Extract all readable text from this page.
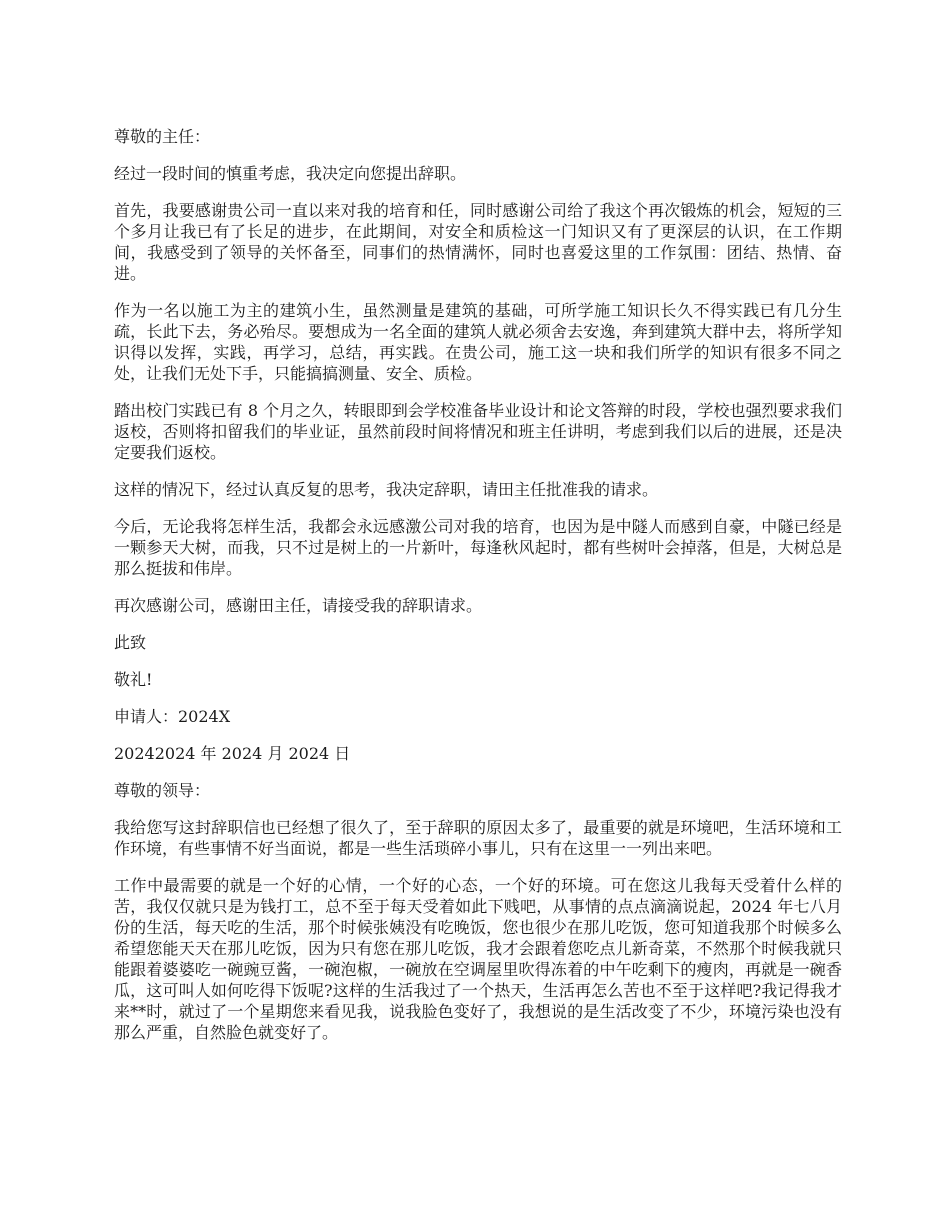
尊敬的主任：

经过一段时间的慎重考虑，我决定向您提出辞职。

首先，我要感谢贵公司一直以来对我的培育和任，同时感谢公司给了我这个再次锻炼的机会，短短的三个多月让我已有了长足的进步，在此期间，对安全和质检这一门知识又有了更深层的认识，在工作期间，我感受到了领导的关怀备至，同事们的热情满怀，同时也喜爱这里的工作氛围：团结、热情、奋进。

作为一名以施工为主的建筑小生，虽然测量是建筑的基础，可所学施工知识长久不得实践已有几分生疏，长此下去，务必殆尽。要想成为一名全面的建筑人就必须舍去安逸，奔到建筑大群中去，将所学知识得以发挥，实践，再学习，总结，再实践。在贵公司，施工这一块和我们所学的知识有很多不同之处，让我们无处下手，只能搞搞测量、安全、质检。

踏出校门实践已有 8 个月之久，转眼即到会学校准备毕业设计和论文答辩的时段，学校也强烈要求我们返校，否则将扣留我们的毕业证，虽然前段时间将情况和班主任讲明，考虑到我们以后的进展，还是决定要我们返校。

这样的情况下，经过认真反复的思考，我决定辞职，请田主任批准我的请求。

今后，无论我将怎样生活，我都会永远感激公司对我的培育，也因为是中隧人而感到自豪，中隧已经是一颗参天大树，而我，只不过是树上的一片新叶，每逢秋风起时，都有些树叶会掉落，但是，大树总是那么挺拔和伟岸。

再次感谢公司，感谢田主任，请接受我的辞职请求。

此致

敬礼!

申请人：2024X

20242024 年 2024 月 2024 日

尊敬的领导：

我给您写这封辞职信也已经想了很久了，至于辞职的原因太多了，最重要的就是环境吧，生活环境和工作环境，有些事情不好当面说，都是一些生活琐碎小事儿，只有在这里一一列出来吧。

工作中最需要的就是一个好的心情，一个好的心态，一个好的环境。可在您这儿我每天受着什么样的苦，我仅仅就只是为钱打工，总不至于每天受着如此下贱吧，从事情的点点滴滴说起，2024 年七八月份的生活，每天吃的生活，那个时候张姨没有吃晚饭，您也很少在那儿吃饭，您可知道我那个时候多么希望您能天天在那儿吃饭，因为只有您在那儿吃饭，我才会跟着您吃点儿新奇菜，不然那个时候我就只能跟着婆婆吃一碗豌豆酱，一碗泡椒，一碗放在空调屋里吹得冻着的中午吃剩下的瘦肉，再就是一碗香瓜，这可叫人如何吃得下饭呢?这样的生活我过了一个热天，生活再怎么苦也不至于这样吧?我记得我才来**时，就过了一个星期您来看见我，说我脸色变好了，我想说的是生活改变了不少，环境污染也没有那么严重，自然脸色就变好了。
